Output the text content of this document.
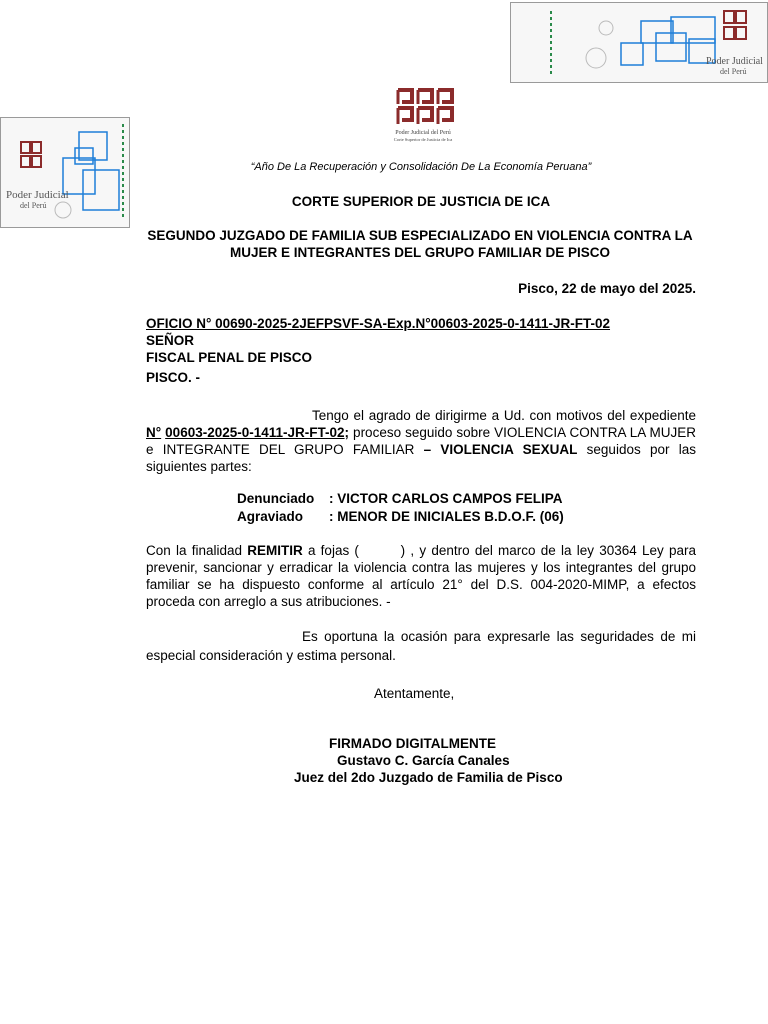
Poder Judicial
del Perú
Poder Judicial
del Perú
Poder Judicial del Perú
Corte Superior de Justicia de Ica
“Año De La Recuperación y Consolidación De La Economía Peruana”
CORTE SUPERIOR DE JUSTICIA DE ICA
SEGUNDO JUZGADO DE FAMILIA SUB ESPECIALIZADO EN VIOLENCIA CONTRA LA
MUJER E INTEGRANTES DEL GRUPO FAMILIAR DE PISCO
Pisco, 22 de mayo del 2025.
OFICIO N° 00690-2025-2JEFPSVF-SA-Exp.N°00603-2025-0-1411-JR-FT-02
SEÑOR
FISCAL PENAL DE PISCO
PISCO. -
Tengo el agrado de dirigirme a Ud. con motivos del expediente N° 00603-2025-0-1411-JR-FT-02; proceso seguido sobre VIOLENCIA CONTRA LA MUJER e INTEGRANTE DEL GRUPO FAMILIAR – VIOLENCIA SEXUAL seguidos por las siguientes partes:
Denunciado : VICTOR CARLOS CAMPOS FELIPA
Agraviado : MENOR DE INICIALES B.D.O.F. (06)
Con la finalidad REMITIR a fojas (        ) , y dentro del marco de la ley 30364 Ley para prevenir, sancionar y erradicar la violencia contra las mujeres y los integrantes del grupo familiar se ha dispuesto conforme al artículo 21° del D.S. 004-2020-MIMP, a efectos proceda con arreglo a sus atribuciones. -
Es oportuna la ocasión para expresarle las seguridades de mi
especial consideración y estima personal.
Atentamente,
FIRMADO DIGITALMENTE
Gustavo C. García Canales
Juez del 2do Juzgado de Familia de Pisco
